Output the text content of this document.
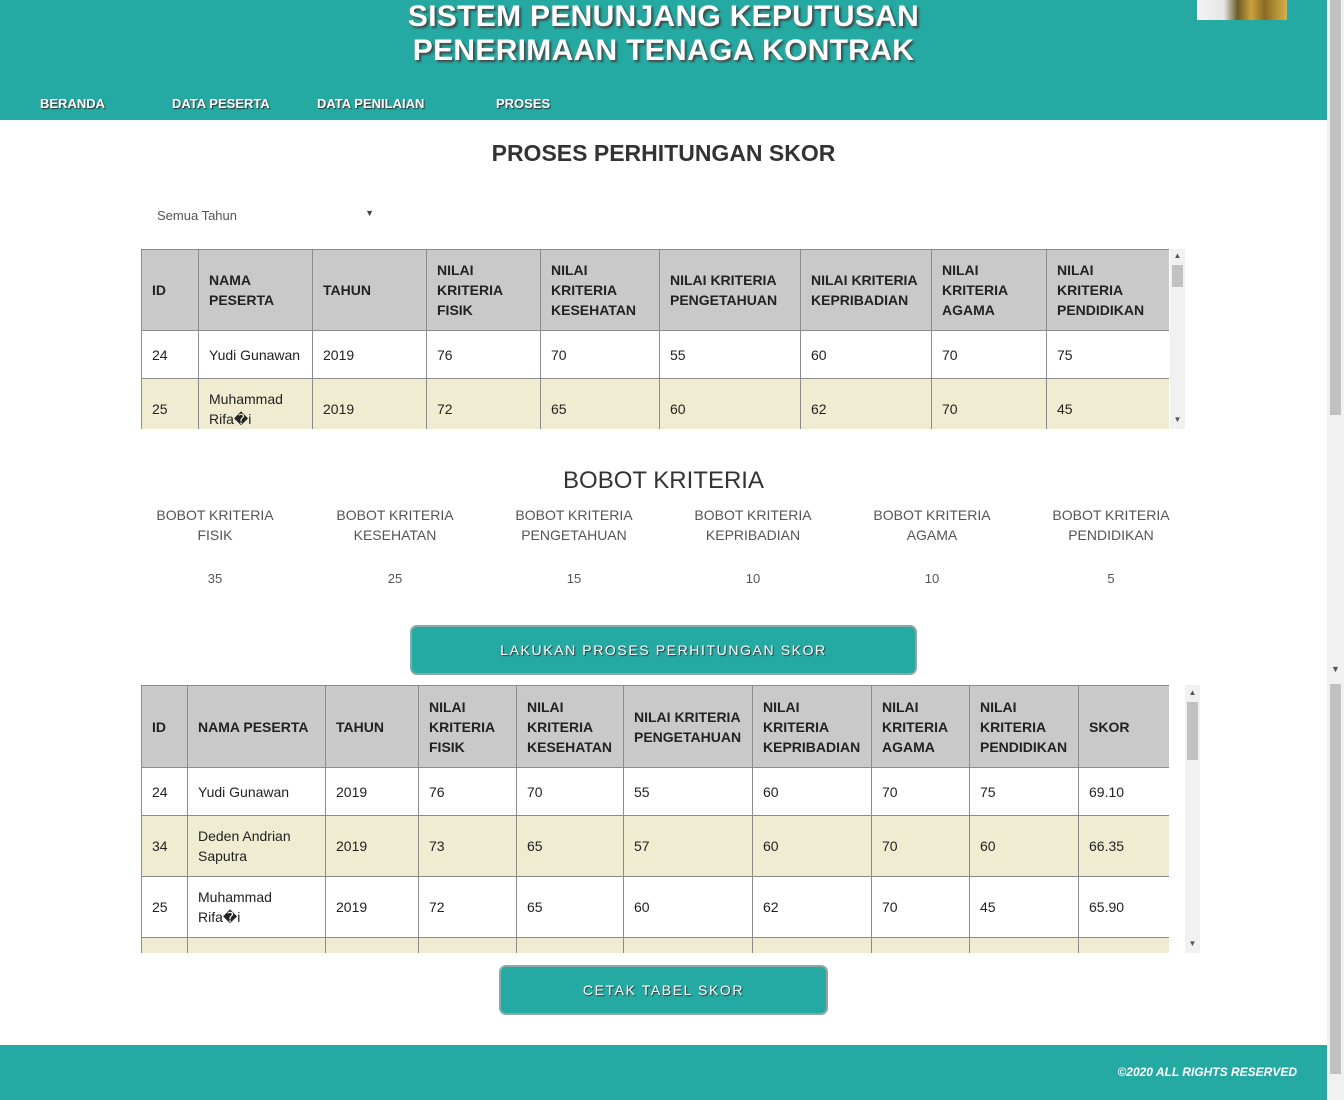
SISTEM PENUNJANG KEPUTUSAN
PENERIMAAN TENAGA KONTRAK
BERANDA	DATA PESERTA	DATA PENILAIAN	PROSES
PROSES PERHITUNGAN SKOR
Semua Tahun	▼
ID	NAMA PESERTA	TAHUN	NILAI KRITERIA FISIK	NILAI KRITERIA KESEHATAN	NILAI KRITERIA PENGETAHUAN	NILAI KRITERIA KEPRIBADIAN	NILAI KRITERIA AGAMA	NILAI KRITERIA PENDIDIKAN
24	Yudi Gunawan	2019	76	70	55	60	70	75
25	Muhammad Rifa�i	2019	72	65	60	62	70	45
▲
▼
BOBOT KRITERIA
BOBOT KRITERIA FISIK
35
BOBOT KRITERIA KESEHATAN
25
BOBOT KRITERIA PENGETAHUAN
15
BOBOT KRITERIA KEPRIBADIAN
10
BOBOT KRITERIA AGAMA
10
BOBOT KRITERIA PENDIDIKAN
5
LAKUKAN PROSES PERHITUNGAN SKOR
ID	NAMA PESERTA	TAHUN	NILAI KRITERIA FISIK	NILAI KRITERIA KESEHATAN	NILAI KRITERIA PENGETAHUAN	NILAI KRITERIA KEPRIBADIAN	NILAI KRITERIA AGAMA	NILAI KRITERIA PENDIDIKAN	SKOR
24	Yudi Gunawan	2019	76	70	55	60	70	75	69.10
34	Deden Andrian Saputra	2019	73	65	57	60	70	60	66.35
25	Muhammad Rifa�i	2019	72	65	60	62	70	45	65.90

▲
▼
CETAK TABEL SKOR
©2020 ALL RIGHTS RESERVED
▼
